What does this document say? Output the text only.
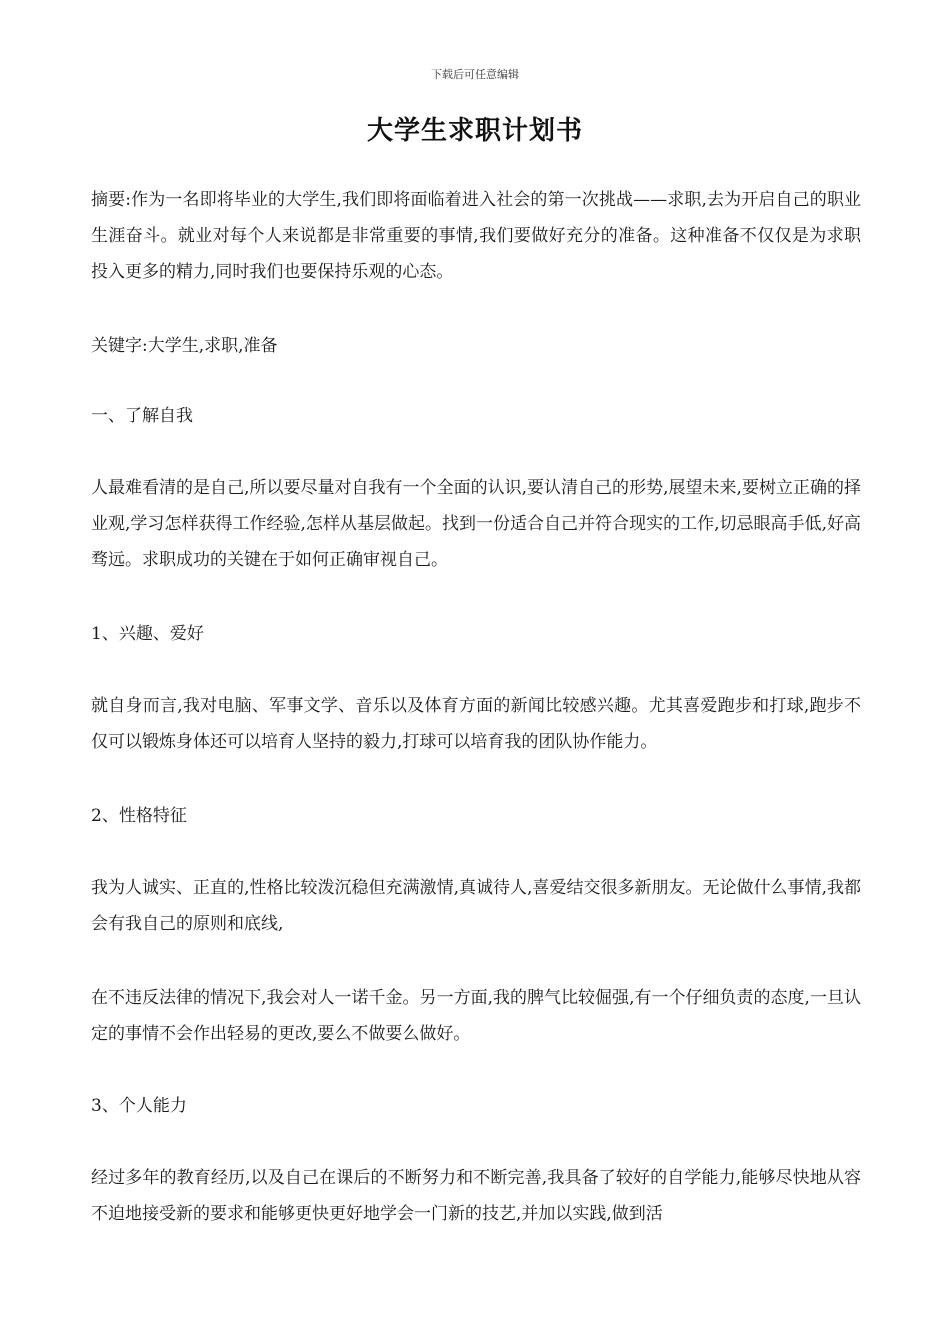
下载后可任意编辑
大学生求职计划书
摘要:作为一名即将毕业的大学生,我们即将面临着进入社会的第一次挑战——求职,去为开启自己的职业生涯奋斗。就业对每个人来说都是非常重要的事情,我们要做好充分的准备。这种准备不仅仅是为求职投入更多的精力,同时我们也要保持乐观的心态。
关键字:大学生,求职,准备
一、了解自我
人最难看清的是自己,所以要尽量对自我有一个全面的认识,要认清自己的形势,展望未来,要树立正确的择业观,学习怎样获得工作经验,怎样从基层做起。找到一份适合自己并符合现实的工作,切忌眼高手低,好高骛远。求职成功的关键在于如何正确审视自己。
1、兴趣、爱好
就自身而言,我对电脑、军事文学、音乐以及体育方面的新闻比较感兴趣。尤其喜爱跑步和打球,跑步不仅可以锻炼身体还可以培育人坚持的毅力,打球可以培育我的团队协作能力。
2、性格特征
我为人诚实、正直的,性格比较泼沉稳但充满激情,真诚待人,喜爱结交很多新朋友。无论做什么事情,我都会有我自己的原则和底线,
在不违反法律的情况下,我会对人一诺千金。另一方面,我的脾气比较倔强,有一个仔细负责的态度,一旦认定的事情不会作出轻易的更改,要么不做要么做好。
3、个人能力
经过多年的教育经历,以及自己在课后的不断努力和不断完善,我具备了较好的自学能力,能够尽快地从容不迫地接受新的要求和能够更快更好地学会一门新的技艺,并加以实践,做到活
